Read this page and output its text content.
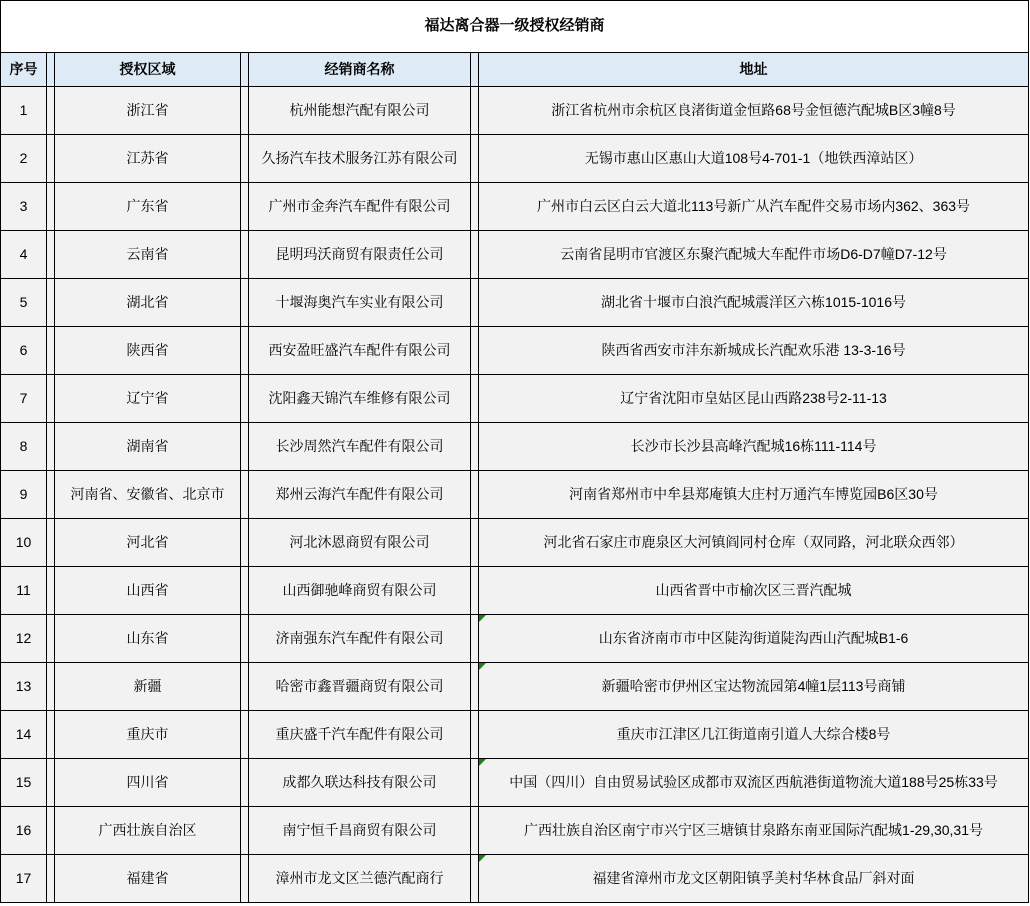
福达离合器一级授权经销商						
序号		授权区域		经销商名称		地址
1		浙江省		杭州能想汽配有限公司		浙江省杭州市余杭区良渚街道金恒路68号金恒德汽配城B区3幢8号
2		江苏省		久扬汽车技术服务江苏有限公司		无锡市惠山区惠山大道108号4-701-1（地铁西漳站区）
3		广东省		广州市金奔汽车配件有限公司		广州市白云区白云大道北113号新广从汽车配件交易市场内362、363号
4		云南省		昆明玛沃商贸有限责任公司		云南省昆明市官渡区东聚汽配城大车配件市场D6-D7幢D7-12号
5		湖北省		十堰海奥汽车实业有限公司		湖北省十堰市白浪汽配城震洋区六栋1015-1016号
6		陕西省		西安盈旺盛汽车配件有限公司		陕西省西安市沣东新城成长汽配欢乐港 13-3-16号
7		辽宁省		沈阳鑫天锦汽车维修有限公司		辽宁省沈阳市皇姑区昆山西路238号2-11-13
8		湖南省		长沙周然汽车配件有限公司		长沙市长沙县高峰汽配城16栋111-114号
9		河南省、安徽省、北京市		郑州云海汽车配件有限公司		河南省郑州市中牟县郑庵镇大庄村万通汽车博览园B6区30号
10		河北省		河北沐恩商贸有限公司		河北省石家庄市鹿泉区大河镇阎同村仓库（双同路，河北联众西邻）
11		山西省		山西御驰峰商贸有限公司		山西省晋中市榆次区三晋汽配城
12		山东省		济南强东汽车配件有限公司		山东省济南市市中区陡沟街道陡沟西山汽配城B1-6
13		新疆		哈密市鑫晋疆商贸有限公司		新疆哈密市伊州区宝达物流园第4幢1层113号商铺
14		重庆市		重庆盛千汽车配件有限公司		重庆市江津区几江街道南引道人大综合楼8号
15		四川省		成都久联达科技有限公司		中国（四川）自由贸易试验区成都市双流区西航港街道物流大道188号25栋33号
16		广西壮族自治区		南宁恒千昌商贸有限公司		广西壮族自治区南宁市兴宁区三塘镇甘泉路东南亚国际汽配城1-29,30,31号
17		福建省		漳州市龙文区兰德汽配商行		福建省漳州市龙文区朝阳镇孚美村华林食品厂斜对面
